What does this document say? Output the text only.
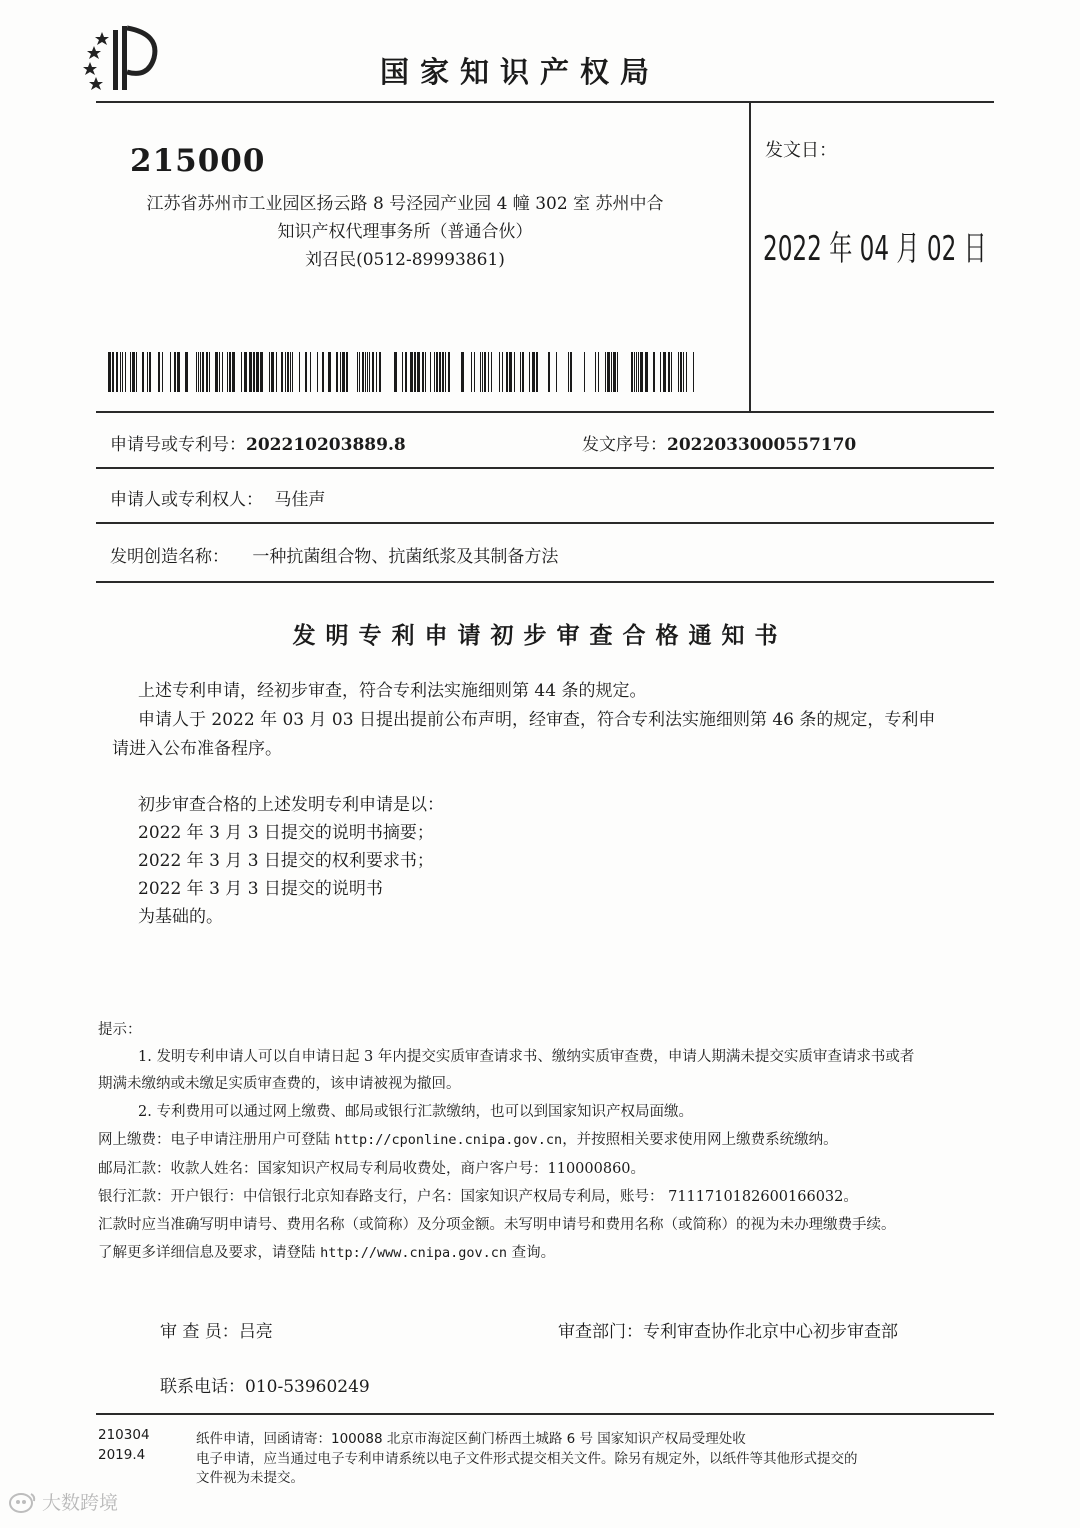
国家知识产权局
215000
江苏省苏州市工业园区扬云路 8 号泾园产业园 4 幢 302 室 苏州中合
知识产权代理事务所（普通合伙）
刘召民(0512-89993861)
发文日：
2022 年 04 月 02 日
申请号或专利号：202210203889.8	发文序号：2022033000557170
申请人或专利权人： 马佳声
发明创造名称： 一种抗菌组合物、抗菌纸浆及其制备方法
发明专利申请初步审查合格通知书
上述专利申请，经初步审查，符合专利法实施细则第 44 条的规定。
申请人于 2022 年 03 月 03 日提出提前公布声明，经审查，符合专利法实施细则第 46 条的规定，专利申
请进入公布准备程序。
初步审查合格的上述发明专利申请是以：
2022 年 3 月 3 日提交的说明书摘要；
2022 年 3 月 3 日提交的权利要求书；
2022 年 3 月 3 日提交的说明书
为基础的。
提示：
1. 发明专利申请人可以自申请日起 3 年内提交实质审查请求书、缴纳实质审查费，申请人期满未提交实质审查请求书或者
期满未缴纳或未缴足实质审查费的，该申请被视为撤回。
2. 专利费用可以通过网上缴费、邮局或银行汇款缴纳，也可以到国家知识产权局面缴。
网上缴费：电子申请注册用户可登陆 http://cponline.cnipa.gov.cn，并按照相关要求使用网上缴费系统缴纳。
邮局汇款：收款人姓名：国家知识产权局专利局收费处，商户客户号：110000860。
银行汇款：开户银行：中信银行北京知春路支行，户名：国家知识产权局专利局，账号： 7111710182600166032。
汇款时应当准确写明申请号、费用名称（或简称）及分项金额。未写明申请号和费用名称（或简称）的视为未办理缴费手续。
了解更多详细信息及要求，请登陆 http://www.cnipa.gov.cn 查询。
审 查 员：吕亮	审查部门：专利审查协作北京中心初步审查部
联系电话：010-53960249
210304
2019.4
纸件申请，回函请寄：100088 北京市海淀区蓟门桥西土城路 6 号 国家知识产权局受理处收
电子申请，应当通过电子专利申请系统以电子文件形式提交相关文件。除另有规定外，以纸件等其他形式提交的
文件视为未提交。
大数跨境
